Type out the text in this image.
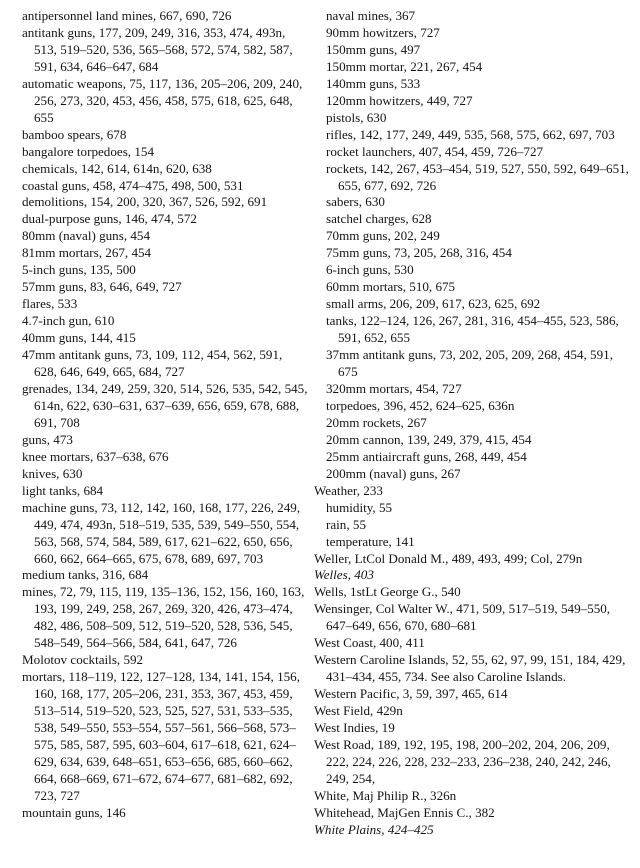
antipersonnel land mines, 667, 690, 726

antitank guns, 177, 209, 249, 316, 353, 474, 493n, 513, 519–520, 536, 565–568, 572, 574, 582, 587, 591, 634, 646–647, 684

automatic weapons, 75, 117, 136, 205–206, 209, 240, 256, 273, 320, 453, 456, 458, 575, 618, 625, 648, 655

bamboo spears, 678

bangalore torpedoes, 154

chemicals, 142, 614, 614n, 620, 638

coastal guns, 458, 474–475, 498, 500, 531

demolitions, 154, 200, 320, 367, 526, 592, 691

dual-purpose guns, 146, 474, 572

80mm (naval) guns, 454

81mm mortars, 267, 454

5-inch guns, 135, 500

57mm guns, 83, 646, 649, 727

flares, 533

4.7-inch gun, 610

40mm guns, 144, 415

47mm antitank guns, 73, 109, 112, 454, 562, 591, 628, 646, 649, 665, 684, 727

grenades, 134, 249, 259, 320, 514, 526, 535, 542, 545, 614n, 622, 630–631, 637–639, 656, 659, 678, 688, 691, 708

guns, 473

knee mortars, 637–638, 676

knives, 630

light tanks, 684

machine guns, 73, 112, 142, 160, 168, 177, 226, 249, 449, 474, 493n, 518–519, 535, 539, 549–550, 554, 563, 568, 574, 584, 589, 617, 621–622, 650, 656, 660, 662, 664–665, 675, 678, 689, 697, 703

medium tanks, 316, 684

mines, 72, 79, 115, 119, 135–136, 152, 156, 160, 163, 193, 199, 249, 258, 267, 269, 320, 426, 473–474, 482, 486, 508–509, 512, 519–520, 528, 536, 545, 548–549, 564–566, 584, 641, 647, 726

Molotov cocktails, 592

mortars, 118–119, 122, 127–128, 134, 141, 154, 156, 160, 168, 177, 205–206, 231, 353, 367, 453, 459, 513–514, 519–520, 523, 525, 527, 531, 533–535, 538, 549–550, 553–554, 557–561, 566–568, 573–575, 585, 587, 595, 603–604, 617–618, 621, 624–629, 634, 639, 648–651, 653–656, 685, 660–662, 664, 668–669, 671–672, 674–677, 681–682, 692, 723, 727

mountain guns, 146

naval mines, 367

90mm howitzers, 727

150mm guns, 497

150mm mortar, 221, 267, 454

140mm guns, 533

120mm howitzers, 449, 727

pistols, 630

rifles, 142, 177, 249, 449, 535, 568, 575, 662, 697, 703

rocket launchers, 407, 454, 459, 726–727

rockets, 142, 267, 453–454, 519, 527, 550, 592, 649–651, 655, 677, 692, 726

sabers, 630

satchel charges, 628

70mm guns, 202, 249

75mm guns, 73, 205, 268, 316, 454

6-inch guns, 530

60mm mortars, 510, 675

small arms, 206, 209, 617, 623, 625, 692

tanks, 122–124, 126, 267, 281, 316, 454–455, 523, 586, 591, 652, 655

37mm antitank guns, 73, 202, 205, 209, 268, 454, 591, 675

320mm mortars, 454, 727

torpedoes, 396, 452, 624–625, 636n

20mm rockets, 267

20mm cannon, 139, 249, 379, 415, 454

25mm antiaircraft guns, 268, 449, 454

200mm (naval) guns, 267

Weather, 233

humidity, 55

rain, 55

temperature, 141

Weller, LtCol Donald M., 489, 493, 499; Col, 279n

Welles, 403

Wells, 1stLt George G., 540

Wensinger, Col Walter W., 471, 509, 517–519, 549–550, 647–649, 656, 670, 680–681

West Coast, 400, 411

Western Caroline Islands, 52, 55, 62, 97, 99, 151, 184, 429, 431–434, 455, 734. See also Caroline Islands.

Western Pacific, 3, 59, 397, 465, 614

West Field, 429n

West Indies, 19

West Road, 189, 192, 195, 198, 200–202, 204, 206, 209, 222, 224, 226, 228, 232–233, 236–238, 240, 242, 246, 249, 254,

White, Maj Philip R., 326n

Whitehead, MajGen Ennis C., 382

White Plains, 424–425
